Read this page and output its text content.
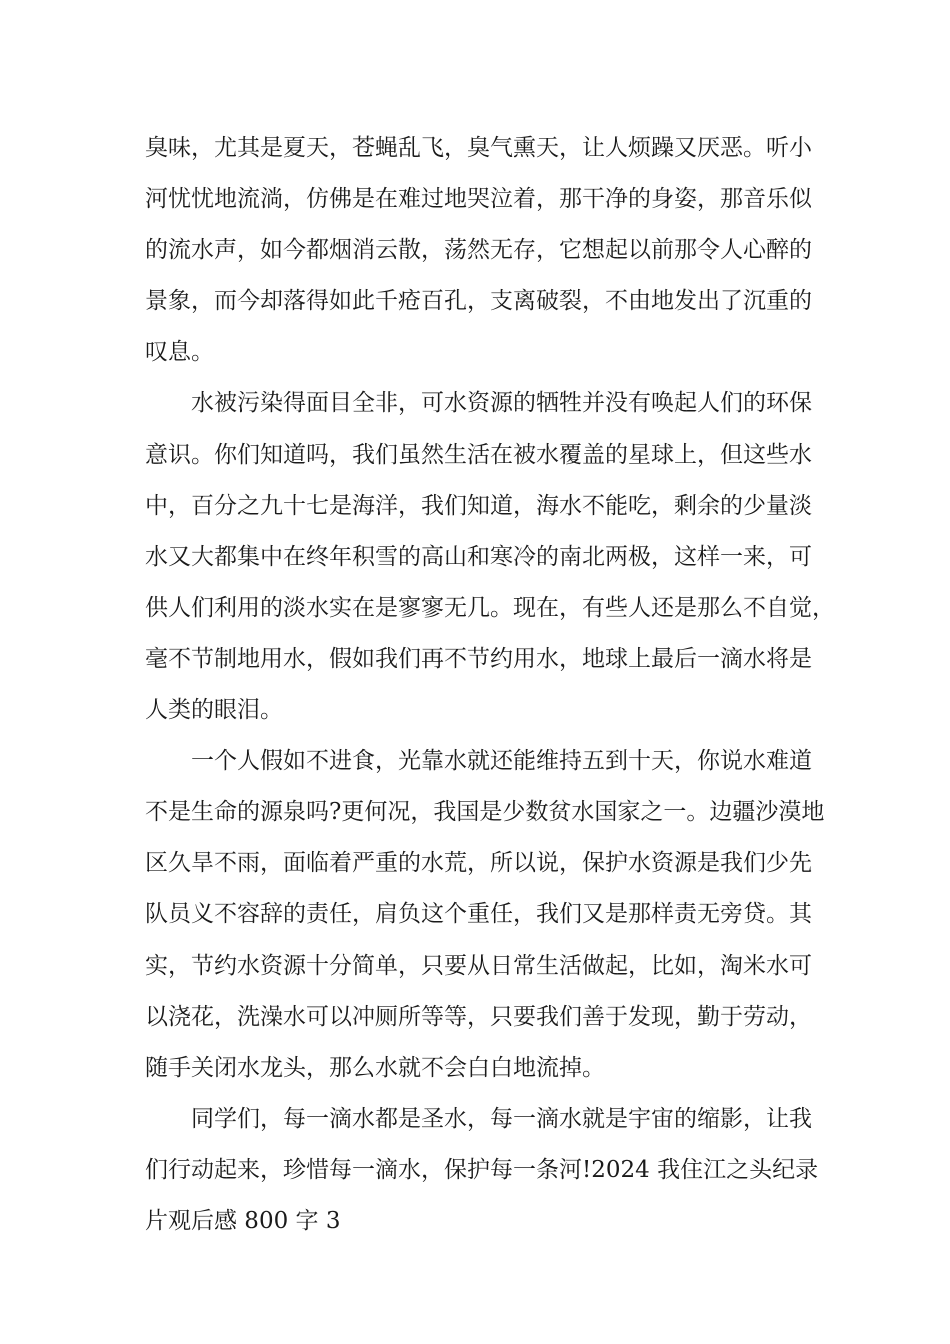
臭味，尤其是夏天，苍蝇乱飞，臭气熏天，让人烦躁又厌恶。听小
河忧忧地流淌，仿佛是在难过地哭泣着，那干净的身姿，那音乐似
的流水声，如今都烟消云散，荡然无存，它想起以前那令人心醉的
景象，而今却落得如此千疮百孔，支离破裂，不由地发出了沉重的
叹息。
水被污染得面目全非，可水资源的牺牲并没有唤起人们的环保
意识。你们知道吗，我们虽然生活在被水覆盖的星球上，但这些水
中，百分之九十七是海洋，我们知道，海水不能吃，剩余的少量淡
水又大都集中在终年积雪的高山和寒冷的南北两极，这样一来，可
供人们利用的淡水实在是寥寥无几。现在，有些人还是那么不自觉，
毫不节制地用水，假如我们再不节约用水，地球上最后一滴水将是
人类的眼泪。
一个人假如不进食，光靠水就还能维持五到十天，你说水难道
不是生命的源泉吗?更何况，我国是少数贫水国家之一。边疆沙漠地
区久旱不雨，面临着严重的水荒，所以说，保护水资源是我们少先
队员义不容辞的责任，肩负这个重任，我们又是那样责无旁贷。其
实，节约水资源十分简单，只要从日常生活做起，比如，淘米水可
以浇花，洗澡水可以冲厕所等等，只要我们善于发现，勤于劳动，
随手关闭水龙头，那么水就不会白白地流掉。
同学们，每一滴水都是圣水，每一滴水就是宇宙的缩影，让我
们行动起来，珍惜每一滴水，保护每一条河!2024 我住江之头纪录
片观后感 800 字 3
